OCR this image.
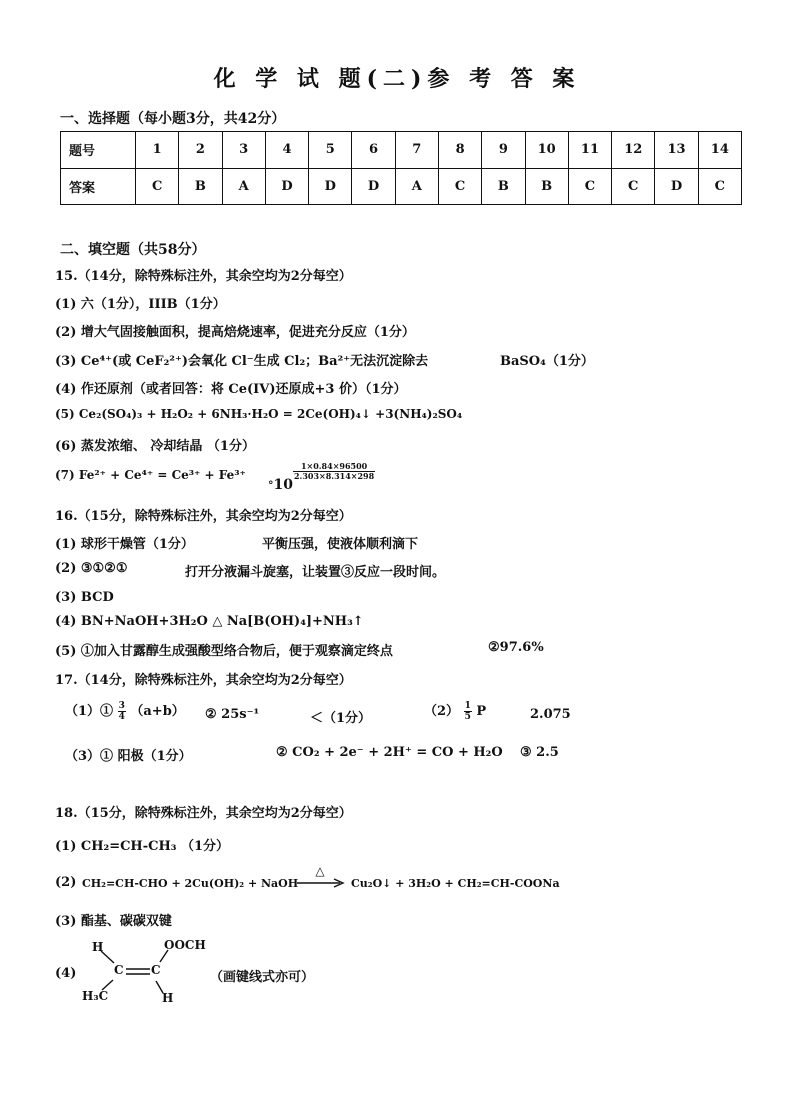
化 学 试 题(二)参 考 答 案
一、选择题（每小题3分，共42分）
题号	1	2	3	4	5	6	7	8	9	10	11	12	13	14
答案	C	B	A	D	D	D	A	C	B	B	C	C	D	C
二、填空题（共58分）
15.（14分，除特殊标注外，其余空均为2分每空）
(1) 六（1分），IIIB（1分）
(2) 增大气固接触面积，提高焙烧速率，促进充分反应（1分）
(3) Ce⁴⁺(或 CeF₂²⁺)会氧化 Cl⁻生成 Cl₂；Ba²⁺无法沉淀除去	BaSO₄（1分）
(4) 作还原剂（或者回答：将 Ce(IV)还原成+3 价）（1分）
(5) Ce₂(SO₄)₃ + H₂O₂ + 6NH₃·H₂O = 2Ce(OH)₄↓ +3(NH₄)₂SO₄
(6) 蒸发浓缩、 冷却结晶 （1分）
(7) Fe²⁺ + Ce⁴⁺ = Ce³⁺ + Fe³⁺
°10
$\frac{1\times 0.84\times 96500}{2.303\times 8.314\times 298}$
16.（15分，除特殊标注外，其余空均为2分每空）
(1) 球形干燥管（1分）	平衡压强，使液体顺利滴下
(2) ③①②①	打开分液漏斗旋塞，让装置③反应一段时间。
(3) BCD
(4) BN+NaOH+3H₂O △ Na[B(OH)₄]+NH₃↑
(5) ①加入甘露醇生成强酸型络合物后，便于观察滴定终点	②97.6%
17.（14分，除特殊标注外，其余空均为2分每空）
（1）① $\frac{3}{4} (a+b)$ ② 25s⁻¹	＜（1分）	$(2) \frac{1}{5}$ P	2.075
（3）① 阳极（1分）	② CO₂ + 2e⁻ + 2H⁺ = CO + H₂O ③ 2.5
18.（15分，除特殊标注外，其余空均为2分每空）
(1) CH₂=CH-CH₃ （1分）
(2) CH₂=CH-CHO + 2Cu(OH)₂ + NaOH
△
→ Cu₂O↓ + 3H₂O + CH₂=CH-COONa
(3) 酯基、碳碳双键
(4)
H
C C
OOCH
H₃C	H
（画键线式亦可）
